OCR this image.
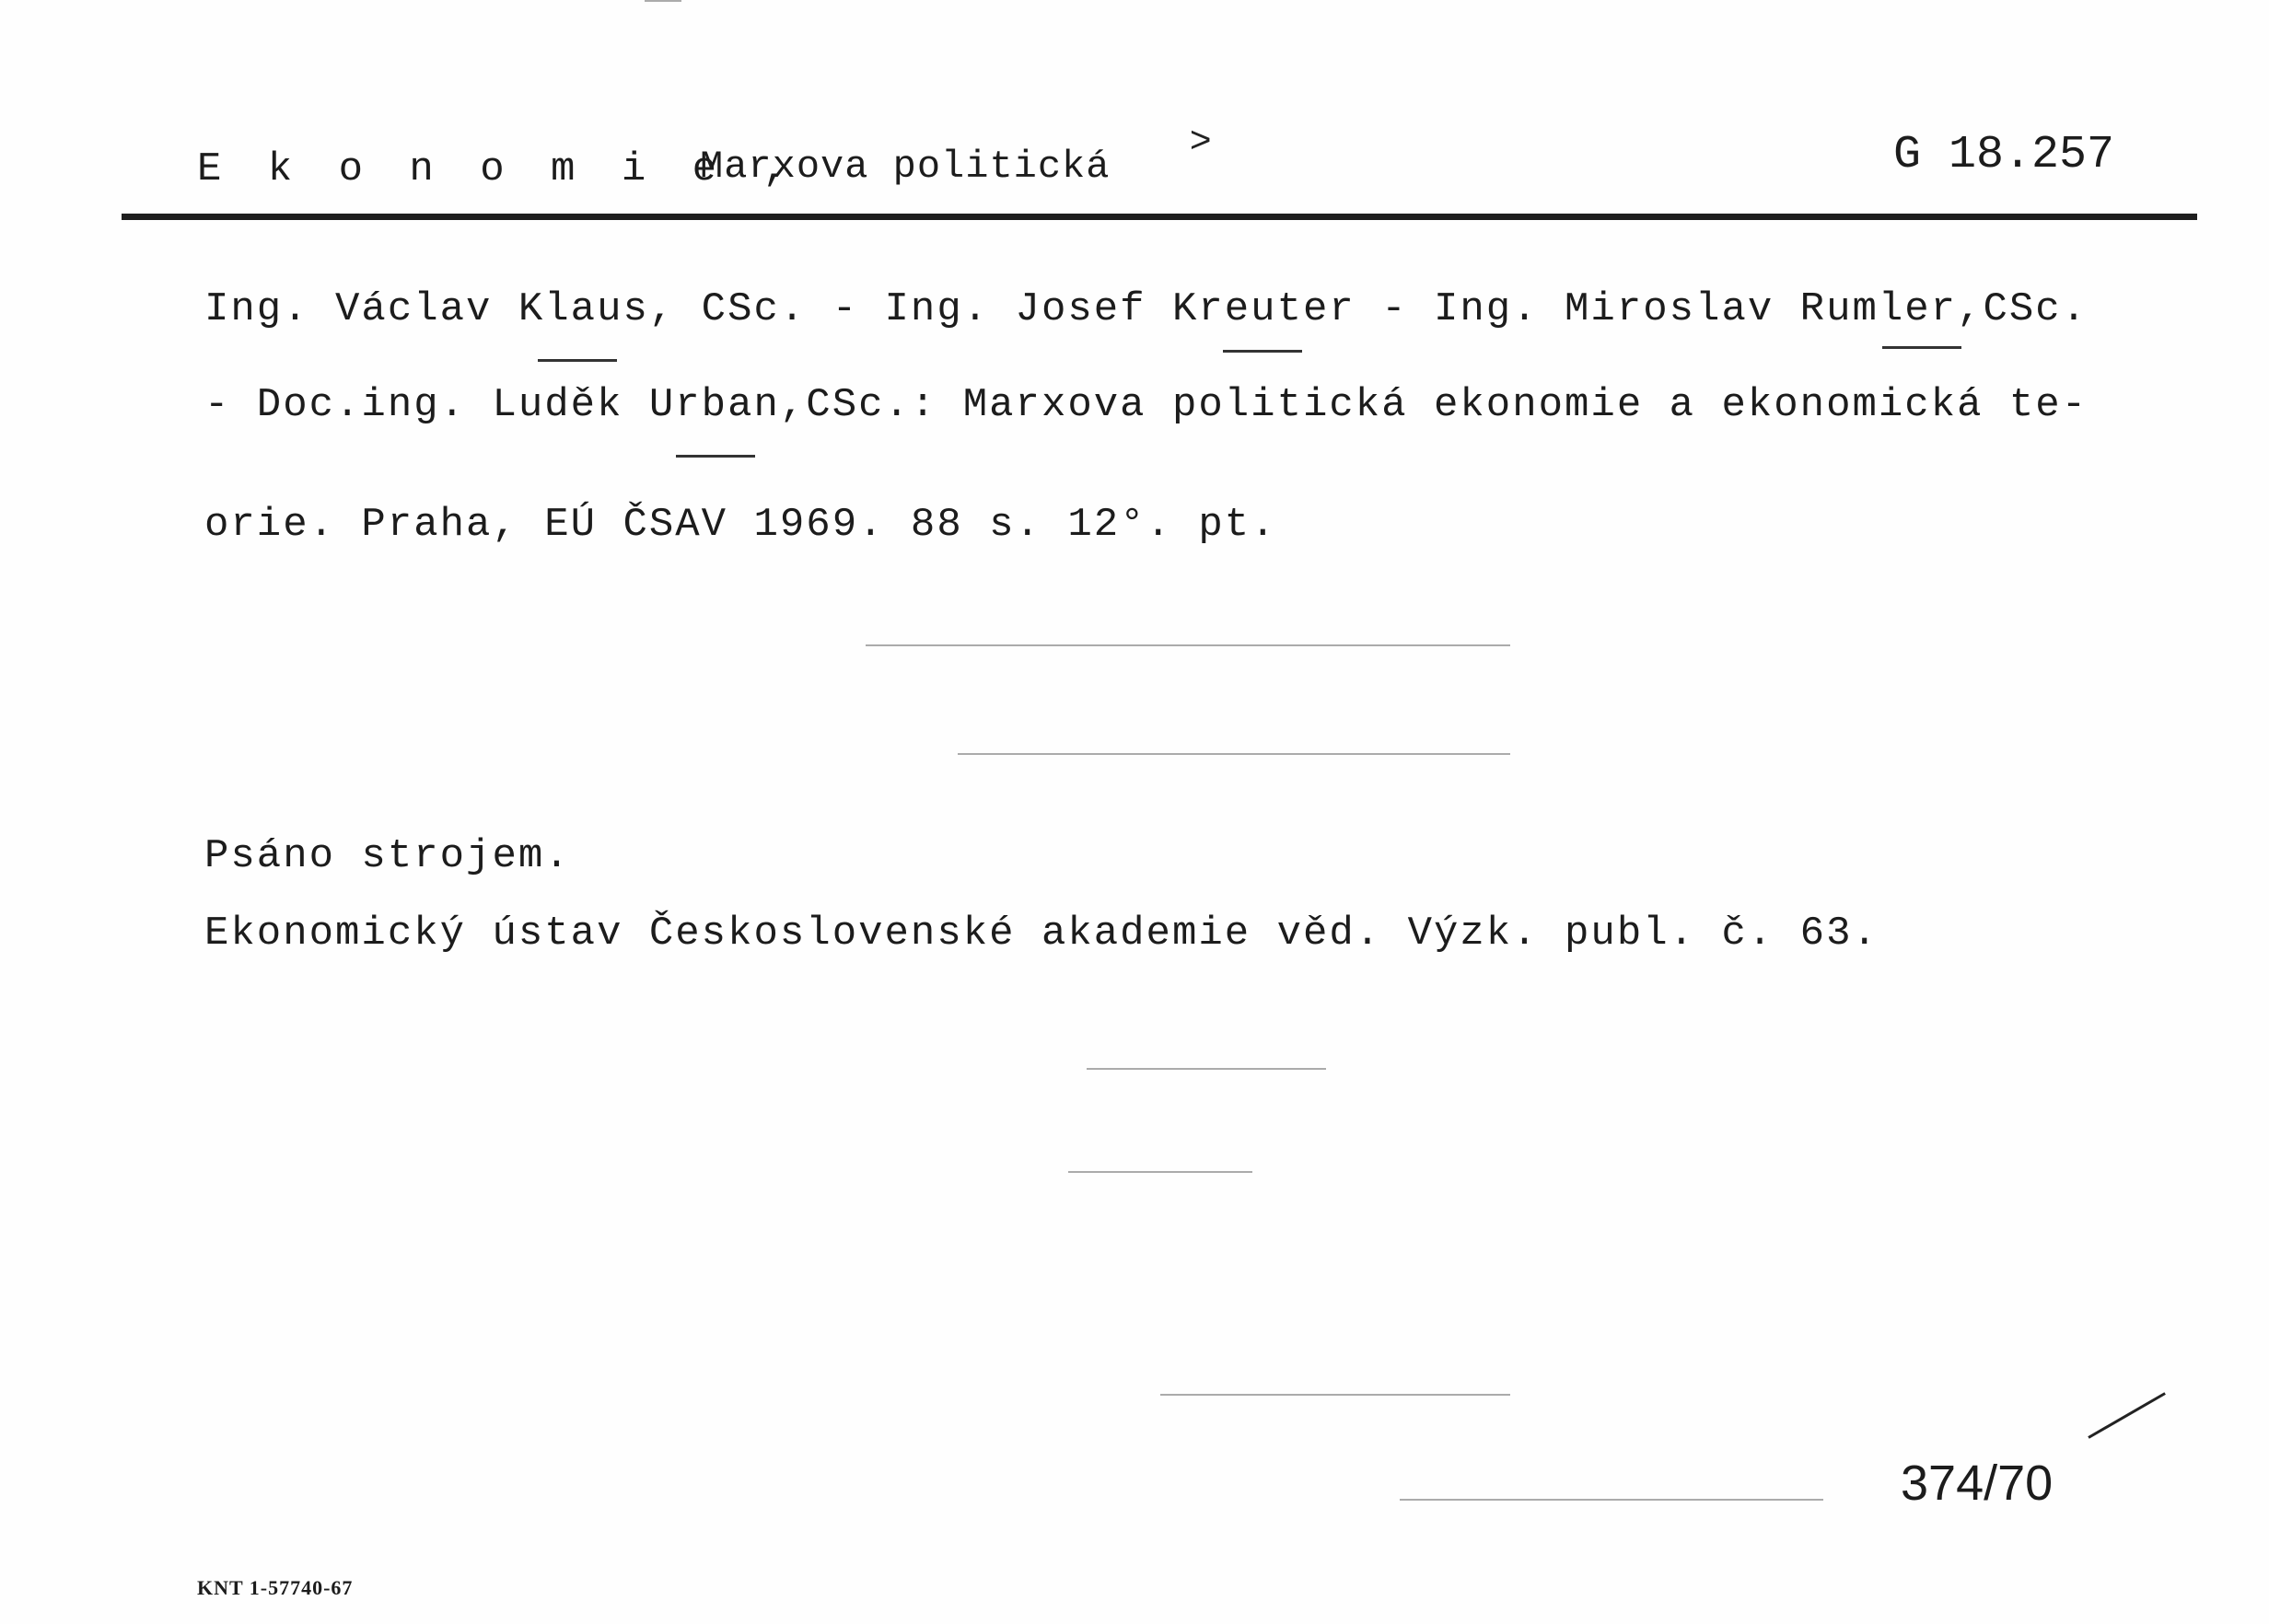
E k o n o m i e ,
Marxova politická
>	G 18.257
Ing. Václav Klaus, CSc. - Ing. Josef Kreuter - Ing. Miroslav Rumler,CSc.
- Doc.ing. Luděk Urban,CSc.: Marxova politická ekonomie a ekonomická te-
orie. Praha, EÚ ČSAV 1969. 88 s. 12°. pt.
Psáno strojem.
Ekonomický ústav Československé akademie věd. Výzk. publ. č. 63.
374/70
KNT 1-57740-67
